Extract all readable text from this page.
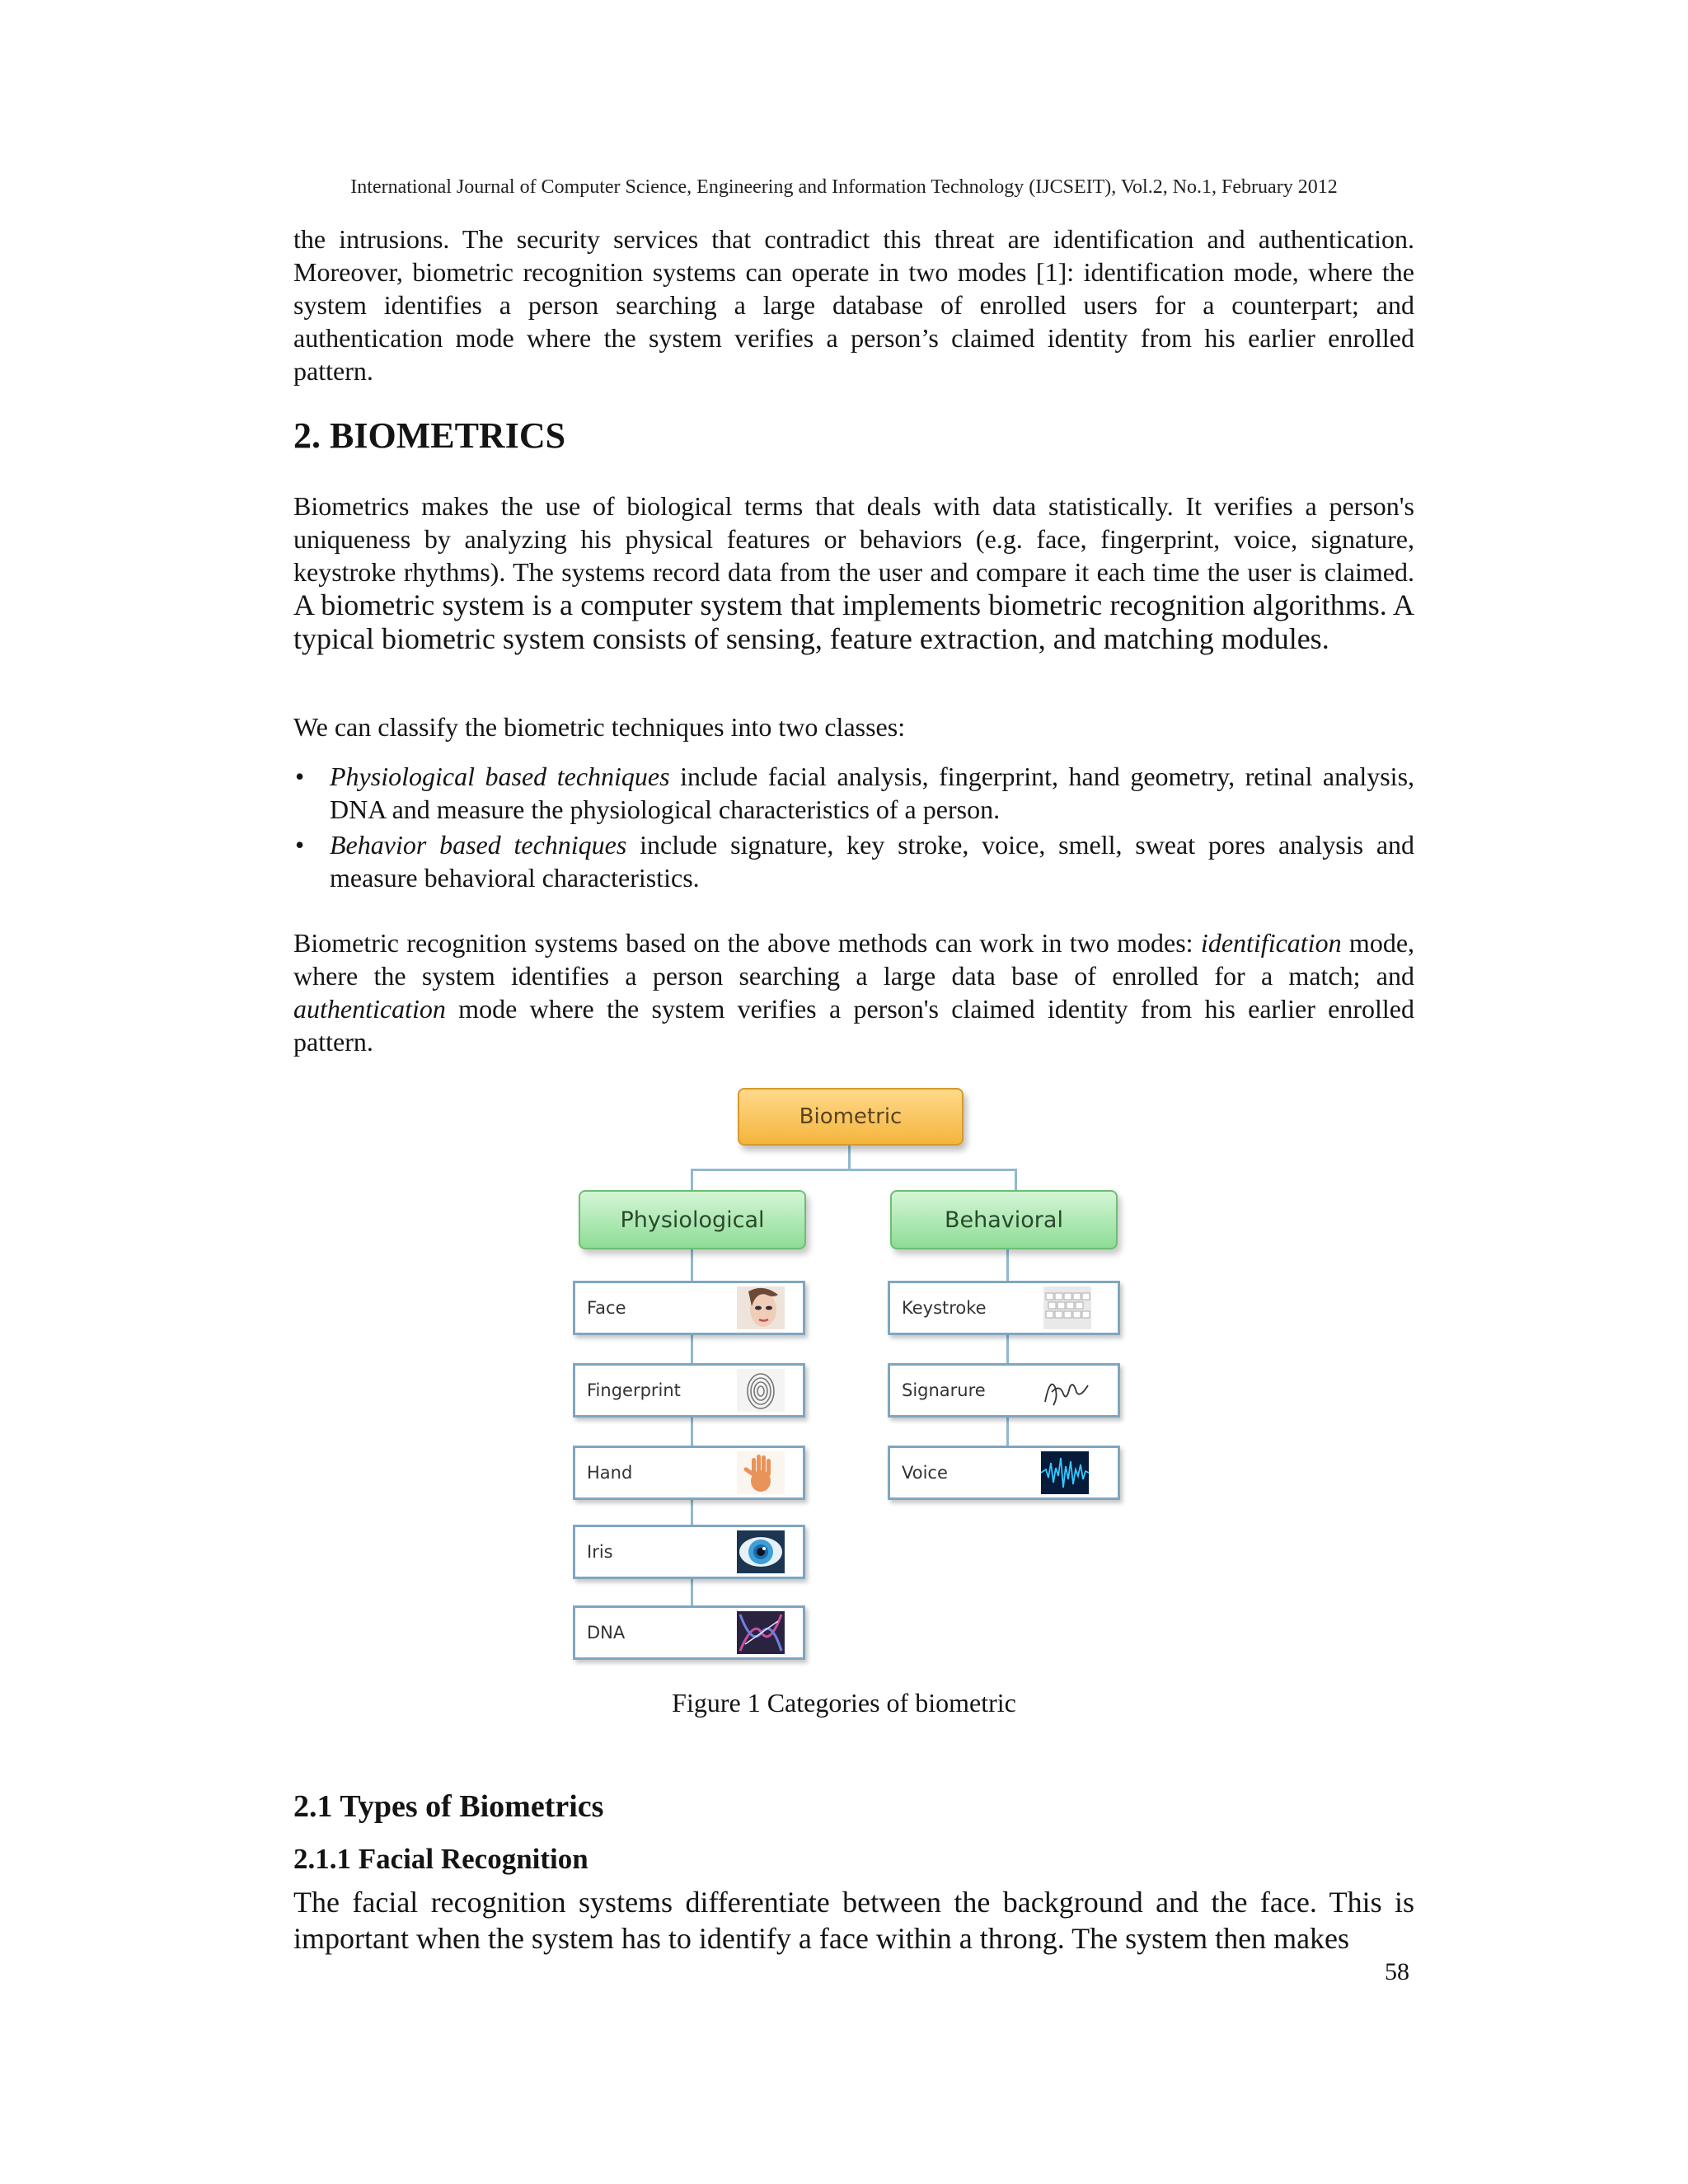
International Journal of Computer Science, Engineering and Information Technology (IJCSEIT), Vol.2, No.1, February 2012

the intrusions. The security services that contradict this threat are identification and authentication. Moreover, biometric recognition systems can operate in two modes [1]: identification mode, where the system identifies a person searching a large database of enrolled users for a counterpart; and authentication mode where the system verifies a person’s claimed identity from his earlier enrolled pattern.

2. BIOMETRICS

Biometrics makes the use of biological terms that deals with data statistically. It verifies a person's uniqueness by analyzing his physical features or behaviors (e.g. face, fingerprint, voice, signature, keystroke rhythms). The systems record data from the user and compare it each time the user is claimed. A biometric system is a computer system that implements biometric recognition algorithms. A typical biometric system consists of sensing, feature extraction, and matching modules.

We can classify the biometric techniques into two classes:

• Physiological based techniques include facial analysis, fingerprint, hand geometry, retinal analysis, DNA and measure the physiological characteristics of a person.
• Behavior based techniques include signature, key stroke, voice, smell, sweat pores analysis and measure behavioral characteristics.

Biometric recognition systems based on the above methods can work in two modes: identification mode, where the system identifies a person searching a large data base of enrolled for a match; and authentication mode where the system verifies a person's claimed identity from his earlier enrolled pattern.

Biometric
Physiological	Behavioral
Face
Fingerprint
Hand
Iris
DNA
Keystroke
Signarure
Voice
Figure 1 Categories of biometric
2.1 Types of Biometrics
2.1.1 Facial Recognition

The facial recognition systems differentiate between the background and the face. This is important when the system has to identify a face within a throng. The system then makes

58
